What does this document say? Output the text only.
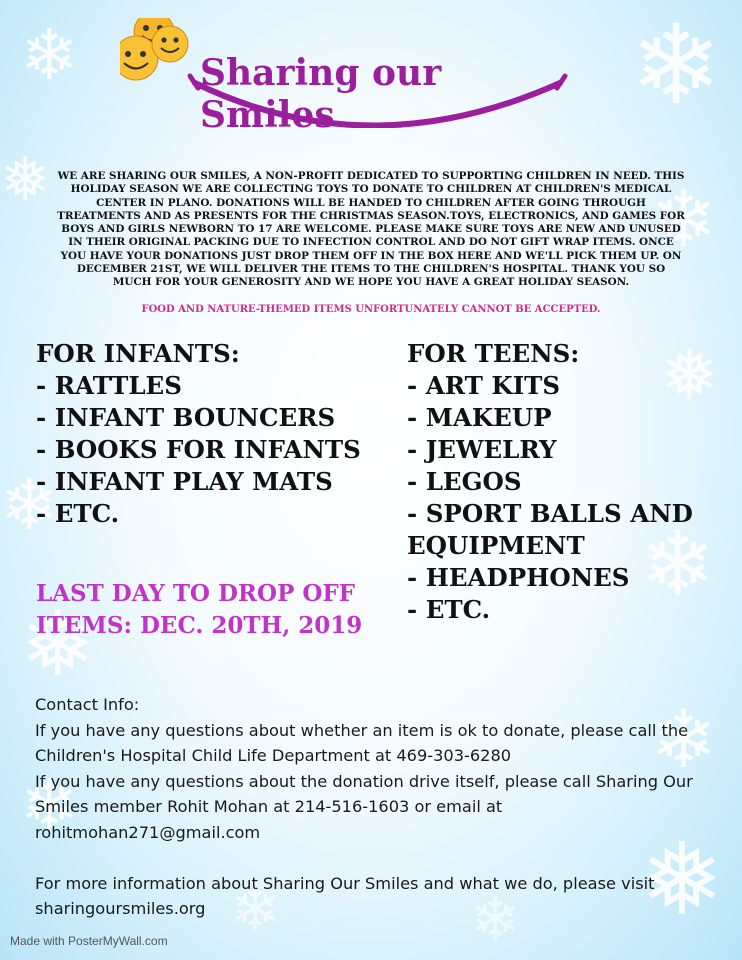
❄	❄
❅	❄
❄	❅
❄
❄
❅
❄
❄
❅
❄	❄
Sharing our Smiles
WE ARE SHARING OUR SMILES, A NON-PROFIT DEDICATED TO SUPPORTING CHILDREN IN NEED. THIS HOLIDAY SEASON WE ARE COLLECTING TOYS TO DONATE TO CHILDREN AT CHILDREN'S MEDICAL CENTER IN PLANO. DONATIONS WILL BE HANDED TO CHILDREN AFTER GOING THROUGH TREATMENTS AND AS PRESENTS FOR THE CHRISTMAS SEASON.TOYS, ELECTRONICS, AND GAMES FOR BOYS AND GIRLS NEWBORN TO 17 ARE WELCOME. PLEASE MAKE SURE TOYS ARE NEW AND UNUSED IN THEIR ORIGINAL PACKING DUE TO INFECTION CONTROL AND DO NOT GIFT WRAP ITEMS. ONCE YOU HAVE YOUR DONATIONS JUST DROP THEM OFF IN THE BOX HERE AND WE'LL PICK THEM UP. ON DECEMBER 21ST, WE WILL DELIVER THE ITEMS TO THE CHILDREN'S HOSPITAL. THANK YOU SO MUCH FOR YOUR GENEROSITY AND WE HOPE YOU HAVE A GREAT HOLIDAY SEASON.
FOOD AND NATURE-THEMED ITEMS UNFORTUNATELY CANNOT BE ACCEPTED.
FOR INFANTS:
- RATTLES
- INFANT BOUNCERS
- BOOKS FOR INFANTS
- INFANT PLAY MATS
- ETC.
FOR TEENS:
- ART KITS
- MAKEUP
- JEWELRY
- LEGOS
- SPORT BALLS AND EQUIPMENT
- HEADPHONES
- ETC.
LAST DAY TO DROP OFF ITEMS: DEC. 20TH, 2019

Contact Info:

If you have any questions about whether an item is ok to donate, please call the Children's Hospital Child Life Department at 469-303-6280

If you have any questions about the donation drive itself, please call Sharing Our Smiles member Rohit Mohan at 214-516-1603 or email at rohitmohan271@gmail.com

For more information about Sharing Our Smiles and what we do, please visit sharingoursmiles.org

Made with PosterMyWall.com
